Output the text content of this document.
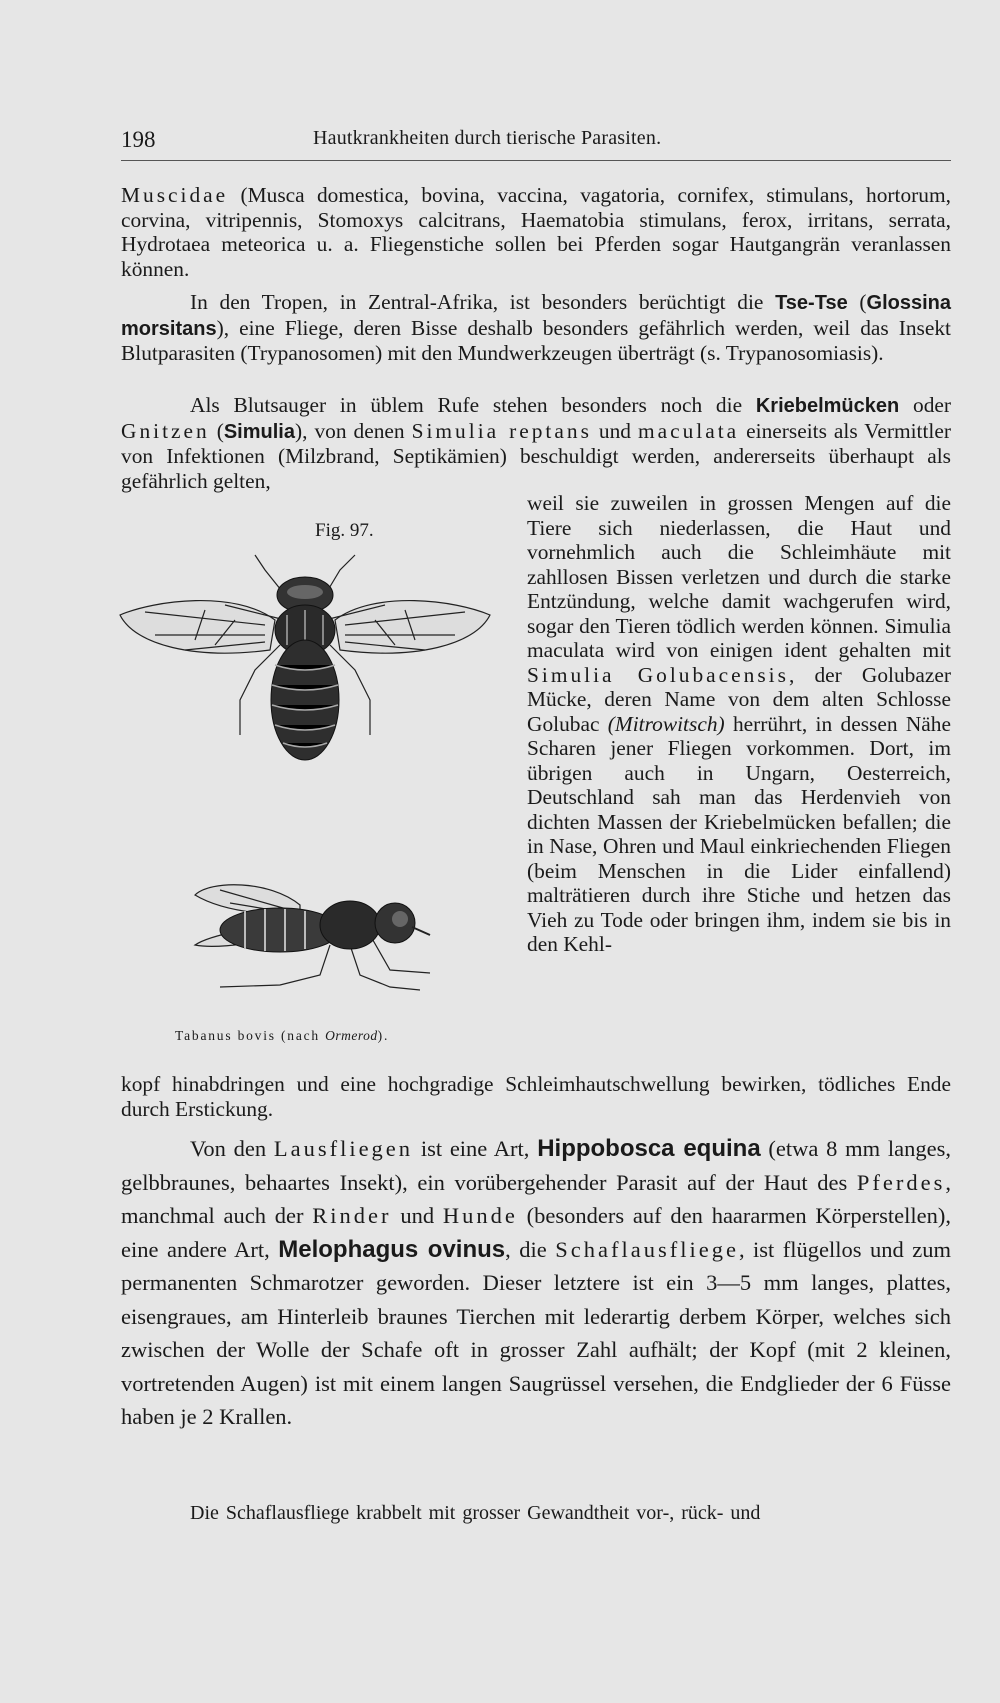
198	Hautkrankheiten durch tierische Parasiten.

Muscidae (Musca domestica, bovina, vaccina, vagatoria, cornifex, stimulans, hortorum, corvina, vitripennis, Stomoxys calcitrans, Haematobia stimulans, ferox, irritans, serrata, Hydrotaea meteorica u. a. Fliegenstiche sollen bei Pferden sogar Hautgangrän veranlassen können.

In den Tropen, in Zentral-Afrika, ist besonders berüchtigt die Tse-Tse (Glossina morsitans), eine Fliege, deren Bisse deshalb besonders gefährlich werden, weil das Insekt Blutparasiten (Trypanosomen) mit den Mundwerkzeugen überträgt (s. Trypanosomiasis).

Als Blutsauger in üblem Rufe stehen besonders noch die Kriebelmücken oder Gnitzen (Simulia), von denen Simulia reptans und maculata einerseits als Vermittler von Infektionen (Milzbrand, Septikämien) beschuldigt werden, andererseits überhaupt als gefährlich gelten,

weil sie zuweilen in grossen Mengen auf die Tiere sich niederlassen, die Haut und vornehmlich auch die Schleimhäute mit zahllosen Bissen verletzen und durch die starke Entzündung, welche damit wachgerufen wird, sogar den Tieren tödlich werden können. Simulia maculata wird von einigen ident gehalten mit Simulia Golubacensis, der Golubazer Mücke, deren Name von dem alten Schlosse Golubac (Mitrowitsch) herrührt, in dessen Nähe Scharen jener Fliegen vorkommen. Dort, im übrigen auch in Ungarn, Oesterreich, Deutschland sah man das Herdenvieh von dichten Massen der Kriebelmücken befallen; die in Nase, Ohren und Maul einkriechenden Fliegen (beim Menschen in die Lider einfallend) malträtieren durch ihre Stiche und hetzen das Vieh zu Tode oder bringen ihm, indem sie bis in den Kehl-

kopf hinabdringen und eine hochgradige Schleimhautschwellung bewirken, tödliches Ende durch Erstickung.

Fig. 97.
Tabanus bovis (nach Ormerod).

Von den Lausfliegen ist eine Art, Hippobosca equina (etwa 8 mm langes, gelbbraunes, behaartes Insekt), ein vorübergehender Parasit auf der Haut des Pferdes, manchmal auch der Rinder und Hunde (besonders auf den haararmen Körperstellen), eine andere Art, Melophagus ovinus, die Schaflausfliege, ist flügellos und zum permanenten Schmarotzer geworden. Dieser letztere ist ein 3—5 mm langes, plattes, eisengraues, am Hinterleib braunes Tierchen mit lederartig derbem Körper, welches sich zwischen der Wolle der Schafe oft in grosser Zahl aufhält; der Kopf (mit 2 kleinen, vortretenden Augen) ist mit einem langen Saugrüssel versehen, die Endglieder der 6 Füsse haben je 2 Krallen.

Die Schaflausfliege krabbelt mit grosser Gewandtheit vor-, rück- und
